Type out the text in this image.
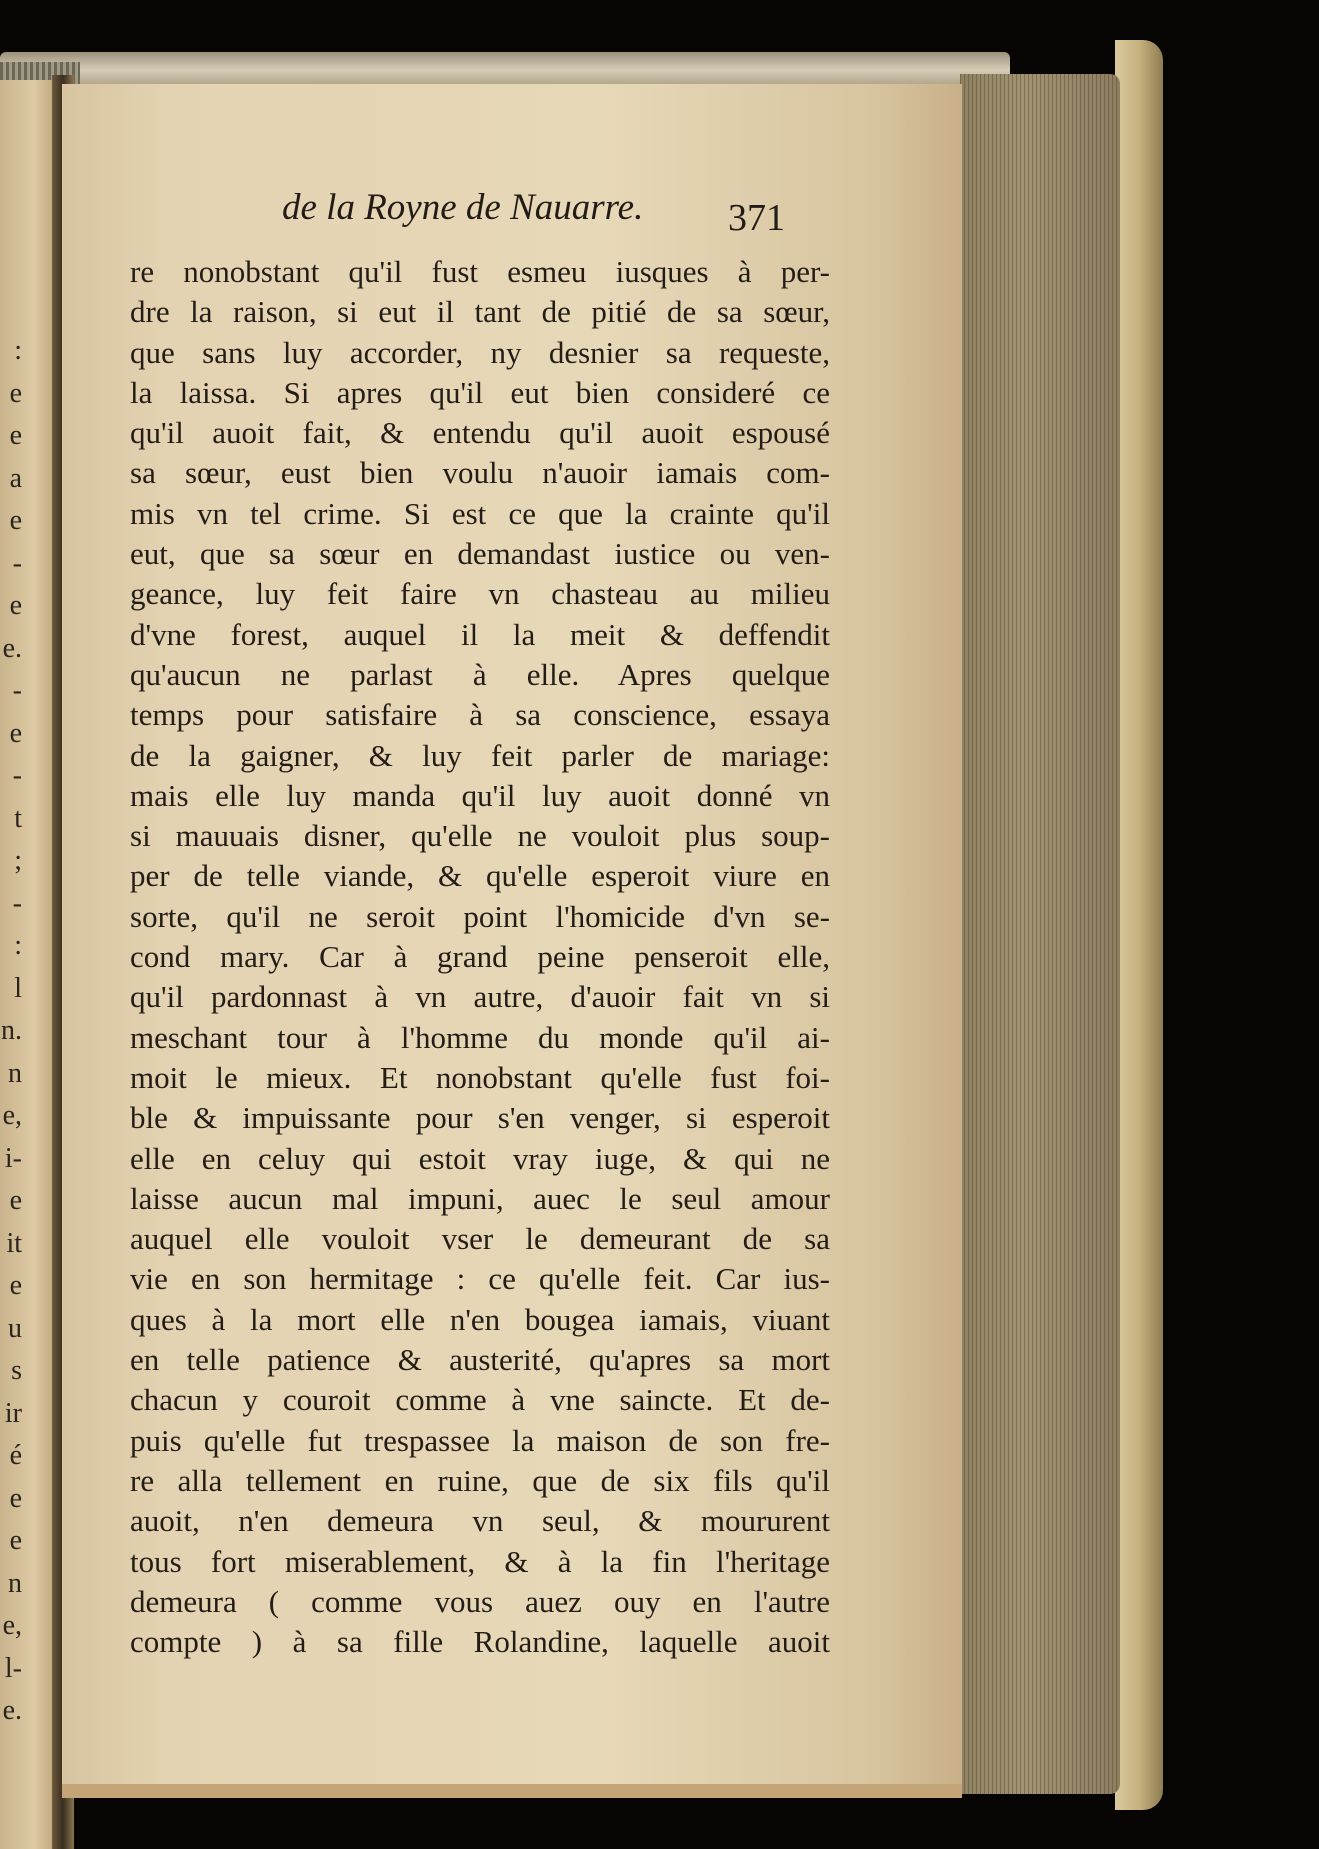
:
e
e
a
e
-
e
e.
-
e
-
t
;
-
:
l
n.
n
e,
i-
e
it
e
u
s
ir
é
e
e
n
e,
l-
e.

de la Royne de Nauarre.	371

re nonobstant qu'il fust esmeu iusques à per-
dre la raison, si eut il tant de pitié de sa sœur,
que sans luy accorder, ny desnier sa requeste,
la laissa. Si apres qu'il eut bien consideré ce
qu'il auoit fait, & entendu qu'il auoit espousé
sa sœur, eust bien voulu n'auoir iamais com-
mis vn tel crime. Si est ce que la crainte qu'il
eut, que sa sœur en demandast iustice ou ven-
geance, luy feit faire vn chasteau au milieu
d'vne forest, auquel il la meit & deffendit
qu'aucun ne parlast à elle. Apres quelque
temps pour satisfaire à sa conscience, essaya
de la gaigner, & luy feit parler de mariage:
mais elle luy manda qu'il luy auoit donné vn
si mauuais disner, qu'elle ne vouloit plus soup-
per de telle viande, & qu'elle esperoit viure en
sorte, qu'il ne seroit point l'homicide d'vn se-
cond mary. Car à grand peine penseroit elle,
qu'il pardonnast à vn autre, d'auoir fait vn si
meschant tour à l'homme du monde qu'il ai-
moit le mieux. Et nonobstant qu'elle fust foi-
ble & impuissante pour s'en venger, si esperoit
elle en celuy qui estoit vray iuge, & qui ne
laisse aucun mal impuni, auec le seul amour
auquel elle vouloit vser le demeurant de sa
vie en son hermitage : ce qu'elle feit. Car ius-
ques à la mort elle n'en bougea iamais, viuant
en telle patience & austerité, qu'apres sa mort
chacun y couroit comme à vne saincte. Et de-
puis qu'elle fut trespassee la maison de son fre-
re alla tellement en ruine, que de six fils qu'il
auoit, n'en demeura vn seul, & moururent
tous fort miserablement, & à la fin l'heritage
demeura ( comme vous auez ouy en l'autre
compte ) à sa fille Rolandine, laquelle auoit
